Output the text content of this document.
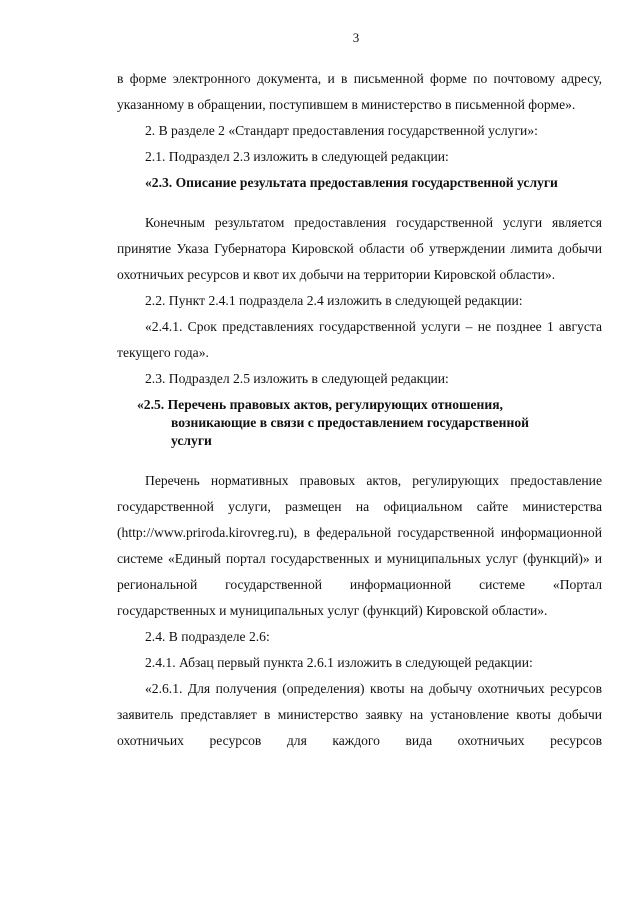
3

в форме электронного документа, и в письменной форме по почтовому адресу, указанному в обращении, поступившем в министерство в письменной форме».

2. В разделе 2 «Стандарт предоставления государственной услуги»:

2.1. Подраздел 2.3 изложить в следующей редакции:

«2.3. Описание результата предоставления государственной услуги

Конечным результатом предоставления государственной услуги является принятие Указа Губернатора Кировской области об утверждении лимита добычи охотничьих ресурсов и квот их добычи на территории Кировской области».

2.2. Пункт 2.4.1 подраздела 2.4 изложить в следующей редакции:

«2.4.1. Срок представлениях государственной услуги – не позднее 1 августа текущего года».

2.3. Подраздел 2.5 изложить в следующей редакции:

«2.5. Перечень правовых актов, регулирующих отношения,
возникающие в связи с предоставлением государственной
услуги

Перечень нормативных правовых актов, регулирующих предоставление государственной услуги, размещен на официальном сайте министерства (http://www.priroda.kirovreg.ru), в федеральной государственной информационной системе «Единый портал государственных и муниципальных услуг (функций)» и региональной государственной информационной системе «Портал государственных и муниципальных услуг (функций) Кировской области».

2.4. В подразделе 2.6:

2.4.1. Абзац первый пункта 2.6.1 изложить в следующей редакции:

«2.6.1. Для получения (определения) квоты на добычу охотничьих ресурсов заявитель представляет в министерство заявку на установление квоты добычи охотничьих ресурсов для каждого вида охотничьих ресурсов
